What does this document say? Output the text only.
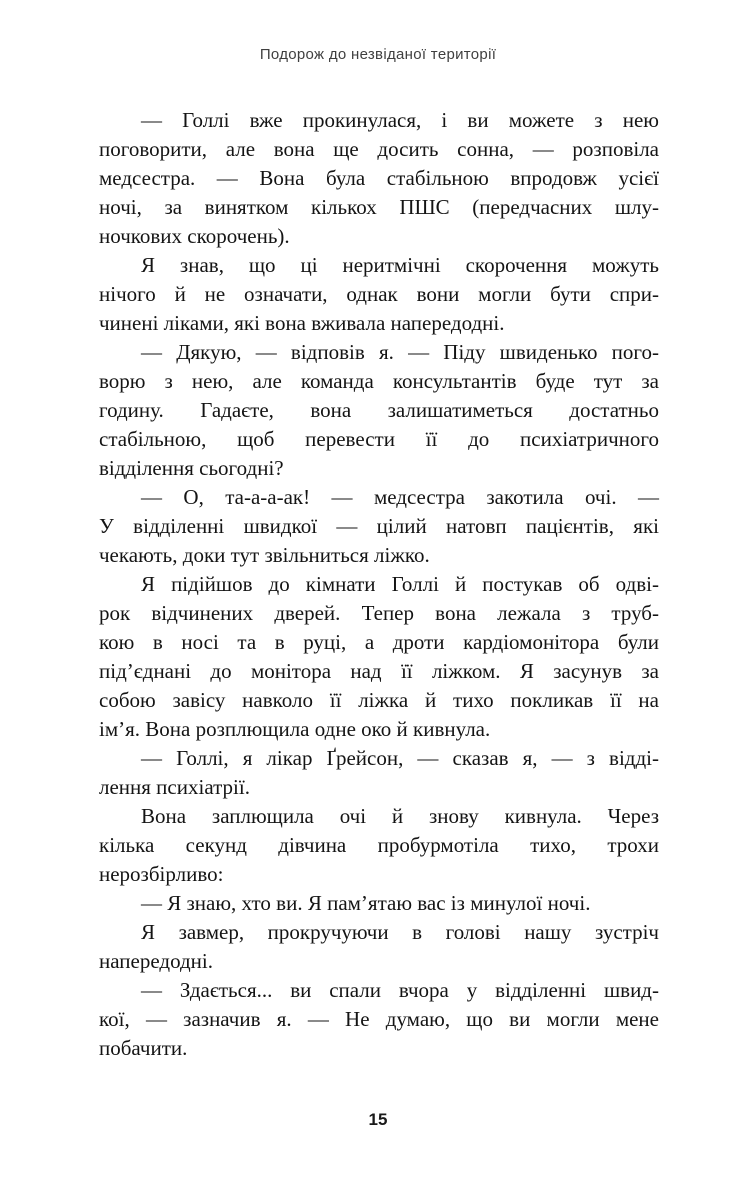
Подорож до незвіданої території
— Голлі вже прокинулася, і ви можете з нею
поговорити, але вона ще досить сонна, — розповіла
медсестра. — Вона була стабільною впродовж усієї
ночі, за винятком кількох ПШС (передчасних шлу-
ночкових скорочень).
Я знав, що ці неритмічні скорочення можуть
нічого й не означати, однак вони могли бути спри-
чинені ліками, які вона вживала напередодні.
— Дякую, — відповів я. — Піду швиденько пого-
ворю з нею, але команда консультантів буде тут за
годину. Гадаєте, вона залишатиметься достатньо
стабільною, щоб перевести її до психіатричного
відділення сьогодні?
— О, та-а-а-ак! — медсестра закотила очі. —
У відділенні швидкої — цілий натовп пацієнтів, які
чекають, доки тут звільниться ліжко.
Я підійшов до кімнати Голлі й постукав об одві-
рок відчинених дверей. Тепер вона лежала з труб-
кою в носі та в руці, а дроти кардіомонітора були
під’єднані до монітора над її ліжком. Я засунув за
собою завісу навколо її ліжка й тихо покликав її на
ім’я. Вона розплющила одне око й кивнула.
— Голлі, я лікар Ґрейсон, — сказав я, — з відді-
лення психіатрії.
Вона заплющила очі й знову кивнула. Через
кілька секунд дівчина пробурмотіла тихо, трохи
нерозбірливо:
— Я знаю, хто ви. Я пам’ятаю вас із минулої ночі.
Я завмер, прокручуючи в голові нашу зустріч
напередодні.
— Здається... ви спали вчора у відділенні швид-
кої, — зазначив я. — Не думаю, що ви могли мене
побачити.
15
